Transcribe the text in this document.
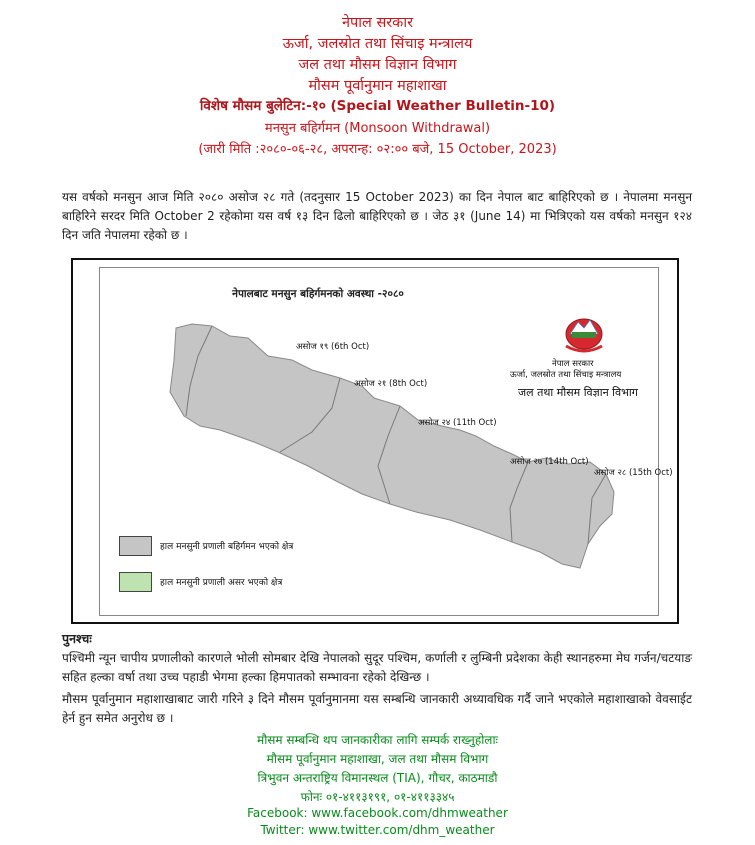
नेपाल सरकार
ऊर्जा, जलस्रोत तथा सिंचाइ मन्त्रालय
जल तथा मौसम विज्ञान विभाग
मौसम पूर्वानुमान महाशाखा
विशेष मौसम बुलेटिन:-१० (Special Weather Bulletin-10)
मनसुन बहिर्गमन (Monsoon Withdrawal)
(जारी मिति :२०८०-०६-२८, अपरान्ह: ०२:०० बजे, 15 October, 2023)
यस वर्षको मनसुन आज मिति २०८० असोज २८ गते (तदनुसार 15 October 2023) का दिन नेपाल बाट बाहिरिएको छ । नेपालमा मनसुन बाहिरिने सरदर मिति October 2 रहेकोमा यस वर्ष १३ दिन ढिलो बाहिरिएको छ । जेठ ३१ (June 14) मा भित्रिएको यस वर्षको मनसुन १२४ दिन जति नेपालमा रहेको छ ।
नेपालबाट मनसुन बहिर्गमनको अवस्था -२०८०
असोज १९ (6th Oct)
असोज २१ (8th Oct)
असोज २४ (11th Oct)
असोज २७ (14th Oct)
असोज २८ (15th Oct)
नेपाल सरकार
ऊर्जा, जलस्रोत तथा सिंचाइ मन्त्रालय
जल तथा मौसम विज्ञान विभाग
हाल मनसुनी प्रणाली बहिर्गमन भएको क्षेत्र
हाल मनसुनी प्रणाली असर भएको क्षेत्र
पुनश्चः
पश्चिमी न्यून चापीय प्रणालीको कारणले भोली सोमबार देखि नेपालको सुदूर पश्चिम, कर्णाली र लुम्बिनी प्रदेशका केही स्थानहरुमा मेघ गर्जन/चटयाङ सहित हल्का वर्षा तथा उच्च पहाडी भेगमा हल्का हिमपातको सम्भावना रहेको देखिन्छ ।
मौसम पूर्वानुमान महाशाखाबाट जारी गरिने ३ दिने मौसम पूर्वानुमानमा यस सम्बन्धि जानकारी अध्यावधिक गर्दै जाने भएकोले महाशाखाको वेवसाईट हेर्न हुन समेत अनुरोध छ ।
मौसम सम्बन्धि थप जानकारीका लागि सम्पर्क राख्नुहोलाः
मौसम पूर्वानुमान महाशाखा, जल तथा मौसम विभाग
त्रिभुवन अन्तराष्ट्रिय विमानस्थल (TIA), गौचर, काठमाडौ
फोनः ०१-४११३१९१, ०१-४११३३४५
Facebook: www.facebook.com/dhmweather
Twitter: www.twitter.com/dhm_weather
